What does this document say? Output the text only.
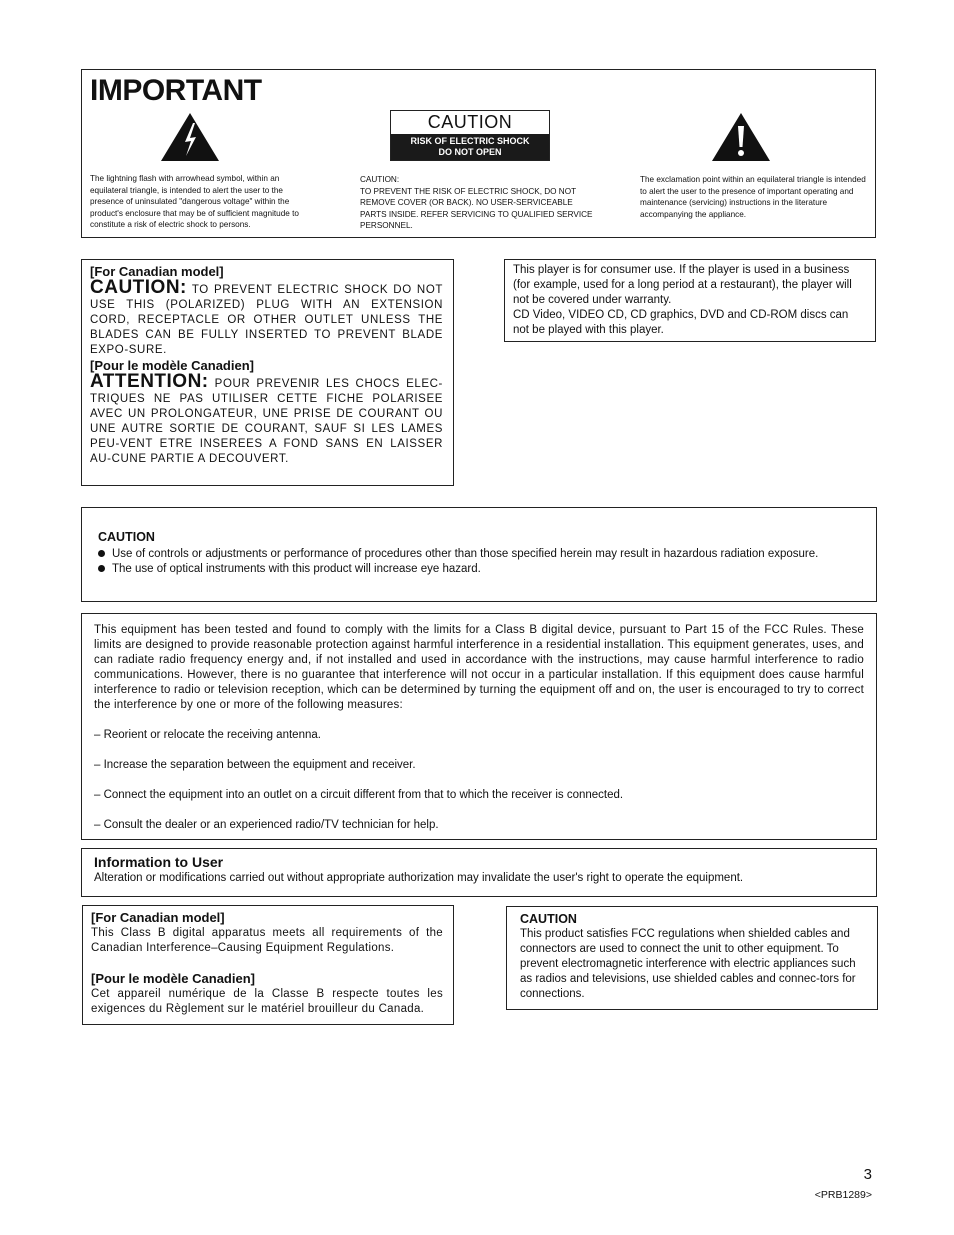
IMPORTANT
The lightning flash with arrowhead symbol, within an equilateral triangle, is intended to alert the user to the presence of uninsulated "dangerous voltage" within the product's enclosure that may be of sufficient magnitude to constitute a risk of electric shock to persons.
CAUTION
RISK OF ELECTRIC SHOCK
DO NOT OPEN
CAUTION:
TO PREVENT THE RISK OF ELECTRIC SHOCK, DO NOT REMOVE COVER (OR BACK). NO USER-SERVICEABLE PARTS INSIDE. REFER SERVICING TO QUALIFIED SERVICE PERSONNEL.
The exclamation point within an equilateral triangle is intended to alert the user to the presence of important operating and maintenance (servicing) instructions in the literature accompanying the appliance.
[For Canadian model]
CAUTION: TO PREVENT ELECTRIC SHOCK DO NOT USE THIS (POLARIZED) PLUG WITH AN EXTENSION CORD, RECEPTACLE OR OTHER OUTLET UNLESS THE BLADES CAN BE FULLY INSERTED TO PREVENT BLADE EXPO-SURE.
[Pour le modèle Canadien]
ATTENTION: POUR PREVENIR LES CHOCS ELEC-TRIQUES NE PAS UTILISER CETTE FICHE POLARISEE AVEC UN PROLONGATEUR, UNE PRISE DE COURANT OU UNE AUTRE SORTIE DE COURANT, SAUF SI LES LAMES PEU-VENT ETRE INSEREES A FOND SANS EN LAISSER AU-CUNE PARTIE A DECOUVERT.
This player is for consumer use. If the player is used in a business (for example, used for a long period at a restaurant), the player will not be covered under warranty.
CD Video, VIDEO CD, CD graphics, DVD and CD-ROM discs can not be played with this player.
CAUTION
Use of controls or adjustments or performance of procedures other than those specified herein may result in hazardous radiation exposure.
The use of optical instruments with this product will increase eye hazard.
This equipment has been tested and found to comply with the limits for a Class B digital device, pursuant to Part 15 of the FCC Rules. These limits are designed to provide reasonable protection against harmful interference in a residential installation. This equipment generates, uses, and can radiate radio frequency energy and, if not installed and used in accordance with the instructions, may cause harmful interference to radio communications. However, there is no guarantee that interference will not occur in a particular installation. If this equipment does cause harmful interference to radio or television reception, which can be determined by turning the equipment off and on, the user is encouraged to try to correct the interference by one or more of the following measures:
– Reorient or relocate the receiving antenna.
– Increase the separation between the equipment and receiver.
– Connect the equipment into an outlet on a circuit different from that to which the receiver is connected.
– Consult the dealer or an experienced radio/TV technician for help.
Information to User
Alteration or modifications carried out without appropriate authorization may invalidate the user's right to operate the equipment.
[For Canadian model]
This Class B digital apparatus meets all requirements of the Canadian Interference–Causing Equipment Regulations.
[Pour le modèle Canadien]
Cet appareil numérique de la Classe B respecte toutes les exigences du Règlement sur le matériel brouilleur du Canada.
CAUTION
This product satisfies FCC regulations when shielded cables and connectors are used to connect the unit to other equipment. To prevent electromagnetic interference with electric appliances such as radios and televisions, use shielded cables and connec-tors for connections.
3
<PRB1289>
